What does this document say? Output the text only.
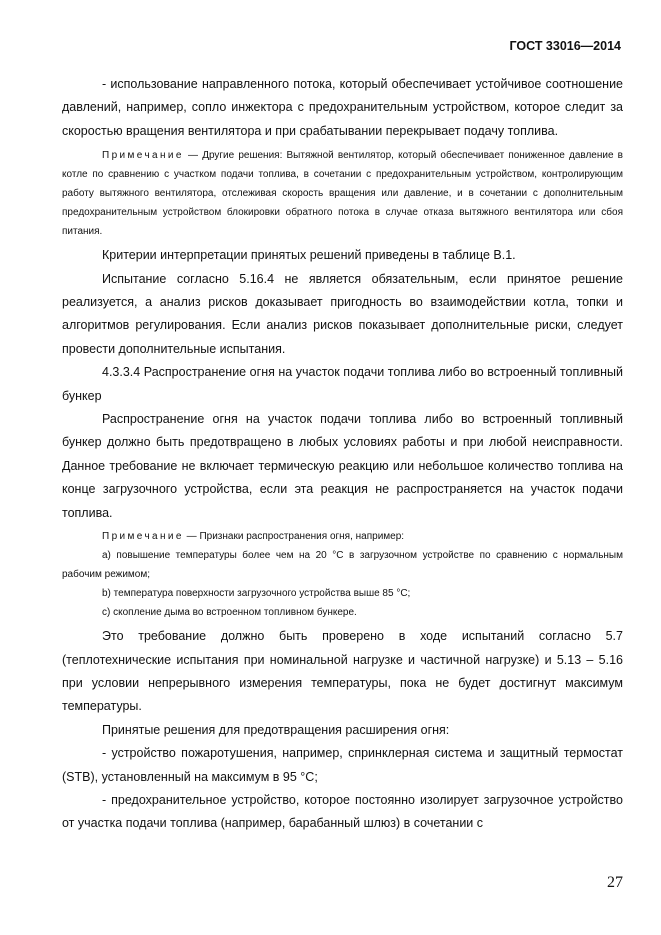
ГОСТ 33016—2014

- использование направленного потока, который обеспечивает устойчивое соотношение давлений, например, сопло инжектора с предохранительным устройством, которое следит за скоростью вращения вентилятора и при срабатывании перекрывает подачу топлива.

Примечание — Другие решения: Вытяжной вентилятор, который обеспечивает пониженное давление в котле по сравнению с участком подачи топлива, в сочетании с предохранительным устройством, контролирующим работу вытяжного вентилятора, отслеживая скорость вращения или давление, и в сочетании с дополнительным предохранительным устройством блокировки обратного потока в случае отказа вытяжного вентилятора или сбоя питания.

Критерии интерпретации принятых решений приведены в таблице В.1.

Испытание согласно 5.16.4 не является обязательным, если принятое решение реализуется, а анализ рисков доказывает пригодность во взаимодействии котла, топки и алгоритмов регулирования. Если анализ рисков показывает дополнительные риски, следует провести дополнительные испытания.

4.3.3.4 Распространение огня на участок подачи топлива либо во встроенный топливный бункер

Распространение огня на участок подачи топлива либо во встроенный топливный бункер должно быть предотвращено в любых условиях работы и при любой неисправности. Данное требование не включает термическую реакцию или небольшое количество топлива на конце загрузочного устройства, если эта реакция не распространяется на участок подачи топлива.

Примечание — Признаки распространения огня, например:

a) повышение температуры более чем на 20 °С в загрузочном устройстве по сравнению с нормальным рабочим режимом;

b) температура поверхности загрузочного устройства выше 85 °С;

c) скопление дыма во встроенном топливном бункере.

Это требование должно быть проверено в ходе испытаний согласно 5.7 (теплотехнические испытания при номинальной нагрузке и частичной нагрузке) и 5.13 – 5.16 при условии непрерывного измерения температуры, пока не будет достигнут максимум температуры.

Принятые решения для предотвращения расширения огня:

- устройство пожаротушения, например, спринклерная система и защитный термостат (STB), установленный на максимум в 95 °С;

- предохранительное устройство, которое постоянно изолирует загрузочное устройство от участка подачи топлива (например, барабанный шлюз) в сочетании с

27
